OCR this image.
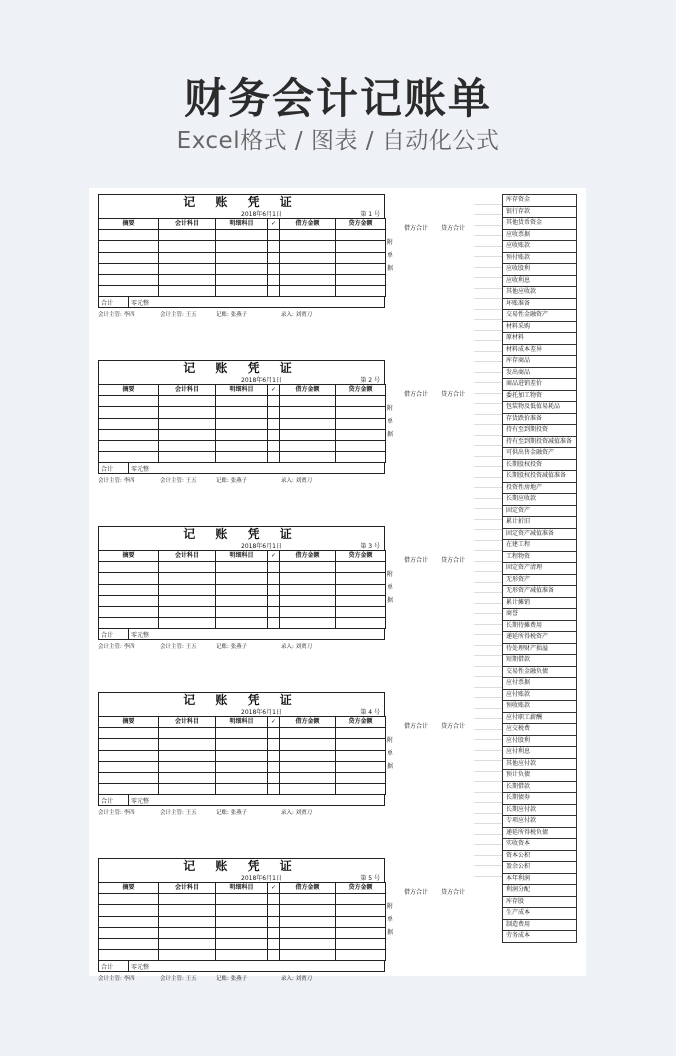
财务会计记账单
Excel格式 / 图表 / 自动化公式
库存资金
银行存款
其他货币资金
应收票据
应收账款
预付账款
应收股利
应收利息
其他应收款
坏账准备
交易性金融资产
材料采购
原材料
材料成本差异
库存商品
发出商品
商品进销差价
委托加工物资
包装物及低值易耗品
存货跌价准备
持有至到期投资
持有至到期投资减值准备
可供出售金融资产
长期股权投资
长期股权投资减值准备
投资性房地产
长期应收款
固定资产
累计折旧
固定资产减值准备
在建工程
工程物资
固定资产清理
无形资产
无形资产减值准备
累计摊销
商誉
长期待摊费用
递延所得税资产
待处理财产损溢
短期借款
交易性金融负债
应付票据
应付账款
预收账款
应付职工薪酬
应交税费
应付股利
应付利息
其他应付款
预计负债
长期借款
长期债券
长期应付款
专项应付款
递延所得税负债
实收资本
资本公积
盈余公积
本年利润
利润分配
库存股
生产成本
制造费用
劳务成本
记 账 凭 证
2018年6月1日	第 1 号
摘要	会计科目	明细科目	✓	借方金额	贷方金额

合计	零元整
会计主管: 李四	会计主管: 王五	记账: 张燕子	录入: 刘贾刀
附
单
据
借方合计 贷方合计
记 账 凭 证
2018年6月1日	第 2 号
摘要	会计科目	明细科目	✓	借方金额	贷方金额

合计	零元整
会计主管: 李四	会计主管: 王五	记账: 张燕子	录入: 刘贾刀
附
单
据
借方合计 贷方合计
记 账 凭 证
2018年6月1日	第 3 号
摘要	会计科目	明细科目	✓	借方金额	贷方金额

合计	零元整
会计主管: 李四	会计主管: 王五	记账: 张燕子	录入: 刘贾刀
附
单
据
借方合计 贷方合计
记 账 凭 证
2018年6月1日	第 4 号
摘要	会计科目	明细科目	✓	借方金额	贷方金额

合计	零元整
会计主管: 李四	会计主管: 王五	记账: 张燕子	录入: 刘贾刀
附
单
据
借方合计 贷方合计
记 账 凭 证
2018年6月1日	第 5 号
摘要	会计科目	明细科目	✓	借方金额	贷方金额

合计	零元整
会计主管: 李四	会计主管: 王五	记账: 张燕子	录入: 刘贾刀
附
单
据
借方合计 贷方合计
